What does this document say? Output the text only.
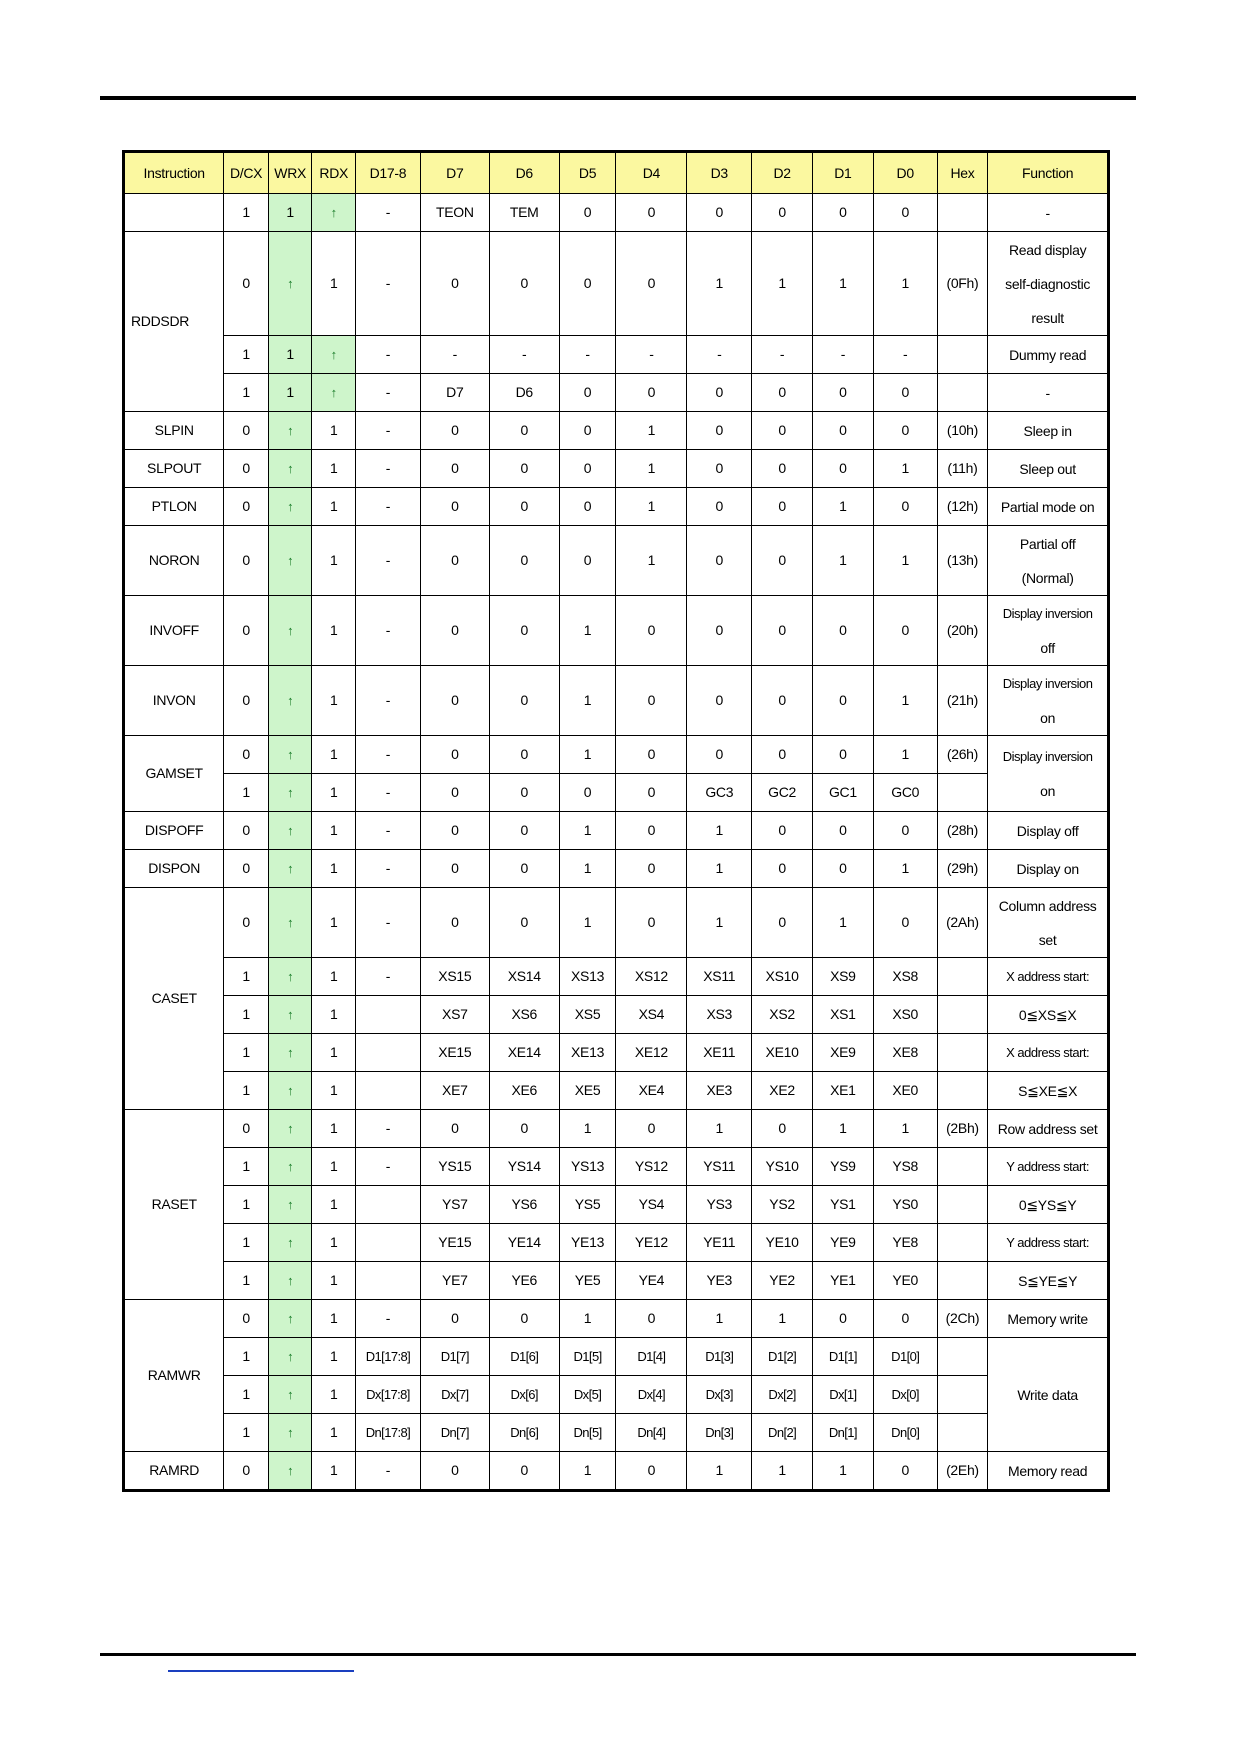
Instruction	D/CX	WRX	RDX	D17-8	D7	D6	D5	D4	D3	D2	D1	D0	Hex	Function
	1	1	↑	-	TEON	TEM	0	0	0	0	0	0		-

RDDSDR	0	↑	1	-	0	0	0	0	1	1	1	1	(0Fh)	Read display
self-diagnostic
result

	1	1	↑	-	-	-	-	-	-	-	-	-		Dummy read

	1	1	↑	-	D7	D6	0	0	0	0	0	0		-

SLPIN	0	↑	1	-	0	0	0	1	0	0	0	0	(10h)	Sleep in

SLPOUT	0	↑	1	-	0	0	0	1	0	0	0	1	(11h)	Sleep out

PTLON	0	↑	1	-	0	0	0	1	0	0	1	0	(12h)	Partial mode on

NORON	0	↑	1	-	0	0	0	1	0	0	1	1	(13h)	Partial off
(Normal)

INVOFF	0	↑	1	-	0	0	1	0	0	0	0	0	(20h)	Display inversion
off

INVON	0	↑	1	-	0	0	1	0	0	0	0	1	(21h)	Display inversion
on

GAMSET	0	↑	1	-	0	0	1	0	0	0	0	1	(26h)	Display inversion
on

	1	↑	1	-	0	0	0	0	GC3	GC2	GC1	GC0		
DISPOFF	0	↑	1	-	0	0	1	0	1	0	0	0	(28h)	Display off

DISPON	0	↑	1	-	0	0	1	0	1	0	0	1	(29h)	Display on

CASET	0	↑	1	-	0	0	1	0	1	0	1	0	(2Ah)	Column address
set

	1	↑	1	-	XS15	XS14	XS13	XS12	XS11	XS10	XS9	XS8		X address start:

	1	↑	1		XS7	XS6	XS5	XS4	XS3	XS2	XS1	XS0		0≦XS≦X

	1	↑	1		XE15	XE14	XE13	XE12	XE11	XE10	XE9	XE8		X address start:

	1	↑	1		XE7	XE6	XE5	XE4	XE3	XE2	XE1	XE0		S≦XE≦X

RASET	0	↑	1	-	0	0	1	0	1	0	1	1	(2Bh)	Row address set

	1	↑	1	-	YS15	YS14	YS13	YS12	YS11	YS10	YS9	YS8		Y address start:

	1	↑	1		YS7	YS6	YS5	YS4	YS3	YS2	YS1	YS0		0≦YS≦Y

	1	↑	1		YE15	YE14	YE13	YE12	YE11	YE10	YE9	YE8		Y address start:

	1	↑	1		YE7	YE6	YE5	YE4	YE3	YE2	YE1	YE0		S≦YE≦Y

RAMWR	0	↑	1	-	0	0	1	0	1	1	0	0	(2Ch)	Memory write

	1	↑	1	D1[17:8]	D1[7]	D1[6]	D1[5]	D1[4]	D1[3]	D1[2]	D1[1]	D1[0]		Write data

	1	↑	1	Dx[17:8]	Dx[7]	Dx[6]	Dx[5]	Dx[4]	Dx[3]	Dx[2]	Dx[1]	Dx[0]		
	1	↑	1	Dn[17:8]	Dn[7]	Dn[6]	Dn[5]	Dn[4]	Dn[3]	Dn[2]	Dn[1]	Dn[0]		
RAMRD	0	↑	1	-	0	0	1	0	1	1	1	0	(2Eh)	Memory read
